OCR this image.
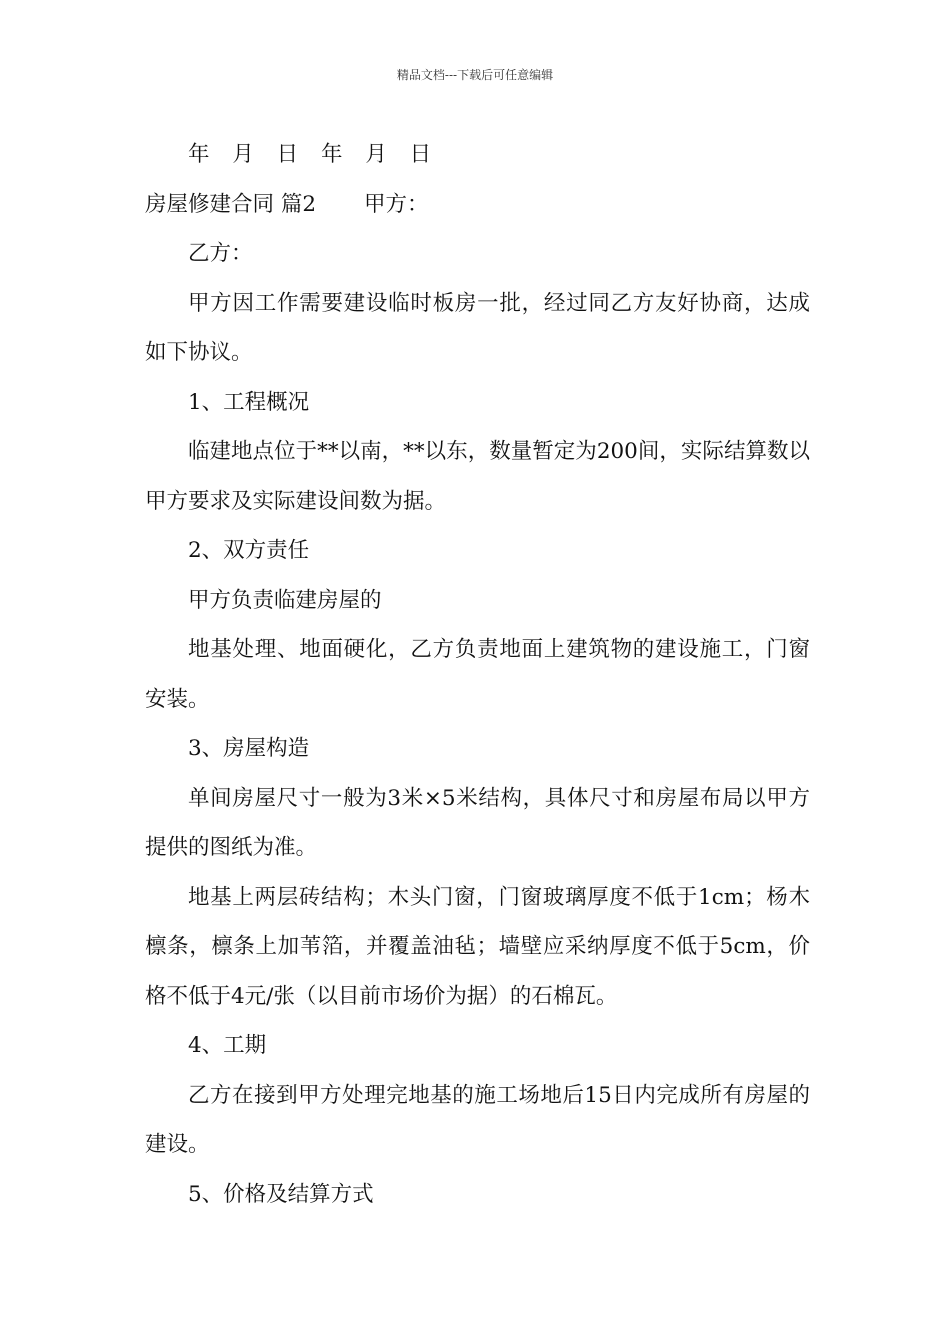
精品文档---下载后可任意编辑

年 月 日 年 月 日

房屋修建合同 篇2 甲方：

乙方：

甲方因工作需要建设临时板房一批，经过同乙方友好协商，达成如下协议。

1、工程概况

临建地点位于**以南，**以东，数量暂定为200间，实际结算数以甲方要求及实际建设间数为据。

2、双方责任

甲方负责临建房屋的

地基处理、地面硬化，乙方负责地面上建筑物的建设施工，门窗安装。

3、房屋构造

单间房屋尺寸一般为3米×5米结构，具体尺寸和房屋布局以甲方提供的图纸为准。

地基上两层砖结构；木头门窗，门窗玻璃厚度不低于1cm；杨木檩条，檩条上加苇箔，并覆盖油毡；墙壁应采纳厚度不低于5cm，价格不低于4元/张（以目前市场价为据）的石棉瓦。

4、工期

乙方在接到甲方处理完地基的施工场地后15日内完成所有房屋的建设。

5、价格及结算方式
